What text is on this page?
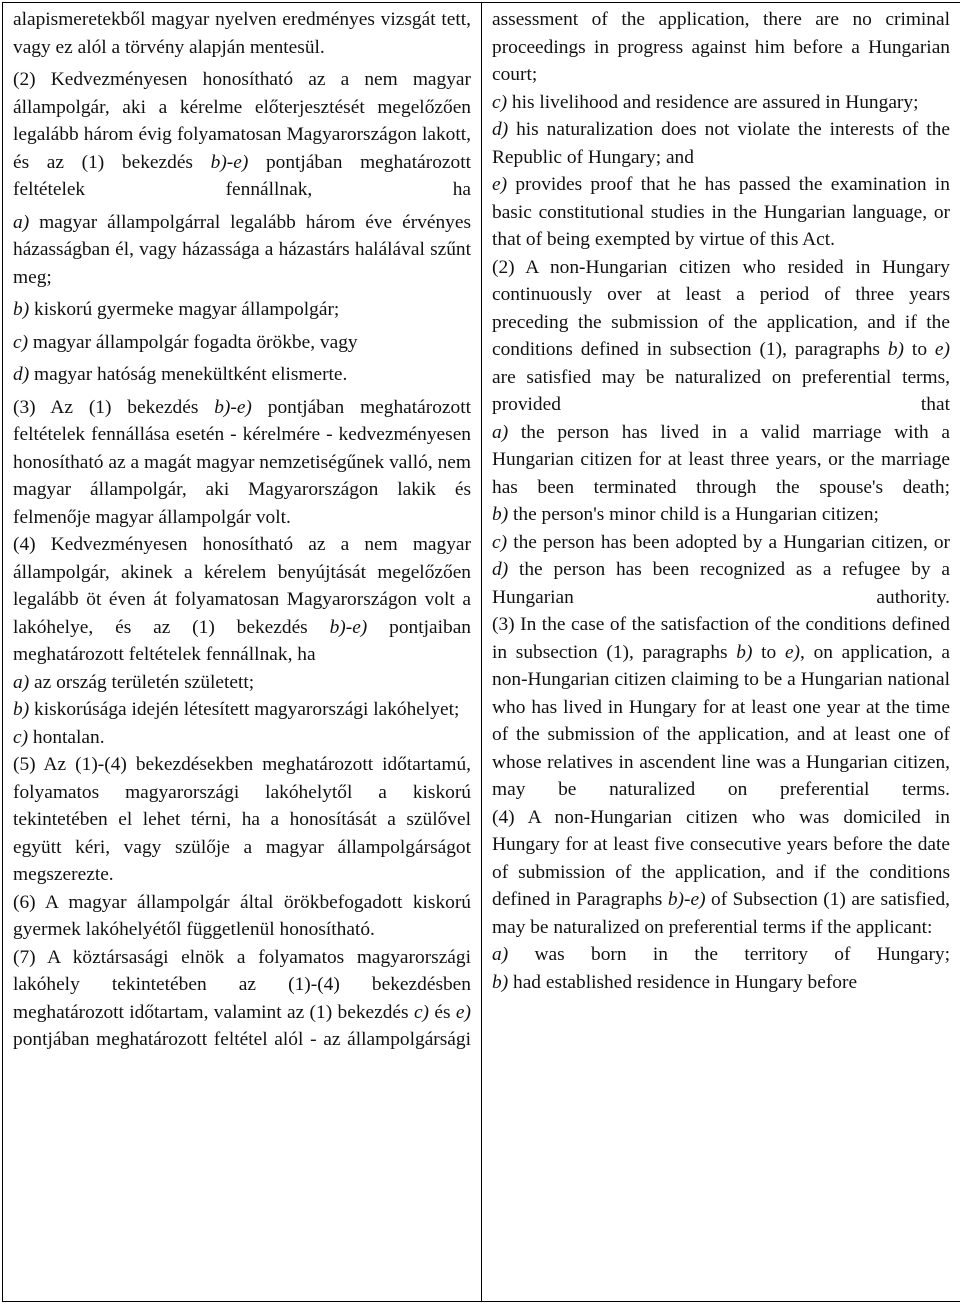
alapismeretekből magyar nyelven eredményes vizsgát tett, vagy ez alól a törvény alapján mentesül.

(2) Kedvezményesen honosítható az a nem magyar állampolgár, aki a kérelme előterjesztését megelőzően legalább három évig folyamatosan Magyarországon lakott, és az (1) bekezdés b)-e) pontjában meghatározott feltételek fennállnak, ha

a) magyar állampolgárral legalább három éve érvényes házasságban él, vagy házassága a házastárs halálával szűnt meg;

b) kiskorú gyermeke magyar állampolgár;

c) magyar állampolgár fogadta örökbe, vagy

d) magyar hatóság menekültként elismerte.

(3) Az (1) bekezdés b)-e) pontjában meghatározott feltételek fennállása esetén - kérelmére - kedvezményesen honosítható az a magát magyar nemzetiségűnek valló, nem magyar állampolgár, aki Magyarországon lakik és felmenője magyar állampolgár volt.

(4) Kedvezményesen honosítható az a nem magyar állampolgár, akinek a kérelem benyújtását megelőzően legalább öt éven át folyamatosan Magyarországon volt a lakóhelye, és az (1) bekezdés b)-e) pontjaiban meghatározott feltételek fennállnak, ha

a) az ország területén született;

b) kiskorúsága idején létesített magyarországi lakóhelyet;

c) hontalan.

(5) Az (1)-(4) bekezdésekben meghatározott időtartamú, folyamatos magyarországi lakóhelytől a kiskorú tekintetében el lehet térni, ha a honosítását a szülővel együtt kéri, vagy szülője a magyar állampolgárságot megszerezte.

(6) A magyar állampolgár által örökbefogadott kiskorú gyermek lakóhelyétől függetlenül honosítható.

(7) A köztársasági elnök a folyamatos magyarországi lakóhely tekintetében az (1)-(4) bekezdésben meghatározott időtartam, valamint az (1) bekezdés c) és e) pontjában meghatározott feltétel alól - az állampolgársági

assessment of the application, there are no criminal proceedings in progress against him before a Hungarian court;

c) his livelihood and residence are assured in Hungary;

d) his naturalization does not violate the interests of the Republic of Hungary; and

e) provides proof that he has passed the examination in basic constitutional studies in the Hungarian language, or that of being exempted by virtue of this Act.

(2) A non-Hungarian citizen who resided in Hungary continuously over at least a period of three years preceding the submission of the application, and if the conditions defined in subsection (1), paragraphs b) to e) are satisfied may be naturalized on preferential terms, provided that

a) the person has lived in a valid marriage with a Hungarian citizen for at least three years, or the marriage has been terminated through the spouse's death;

b) the person's minor child is a Hungarian citizen;

c) the person has been adopted by a Hungarian citizen, or

d) the person has been recognized as a refugee by a Hungarian authority.

(3) In the case of the satisfaction of the conditions defined in subsection (1), paragraphs b) to e), on application, a non-Hungarian citizen claiming to be a Hungarian national who has lived in Hungary for at least one year at the time of the submission of the application, and at least one of whose relatives in ascendent line was a Hungarian citizen, may be naturalized on preferential terms.

(4) A non-Hungarian citizen who was domiciled in Hungary for at least five consecutive years before the date of submission of the application, and if the conditions defined in Paragraphs b)-e) of Subsection (1) are satisfied, may be naturalized on preferential terms if the applicant:

a) was born in the territory of Hungary;

b) had established residence in Hungary before
